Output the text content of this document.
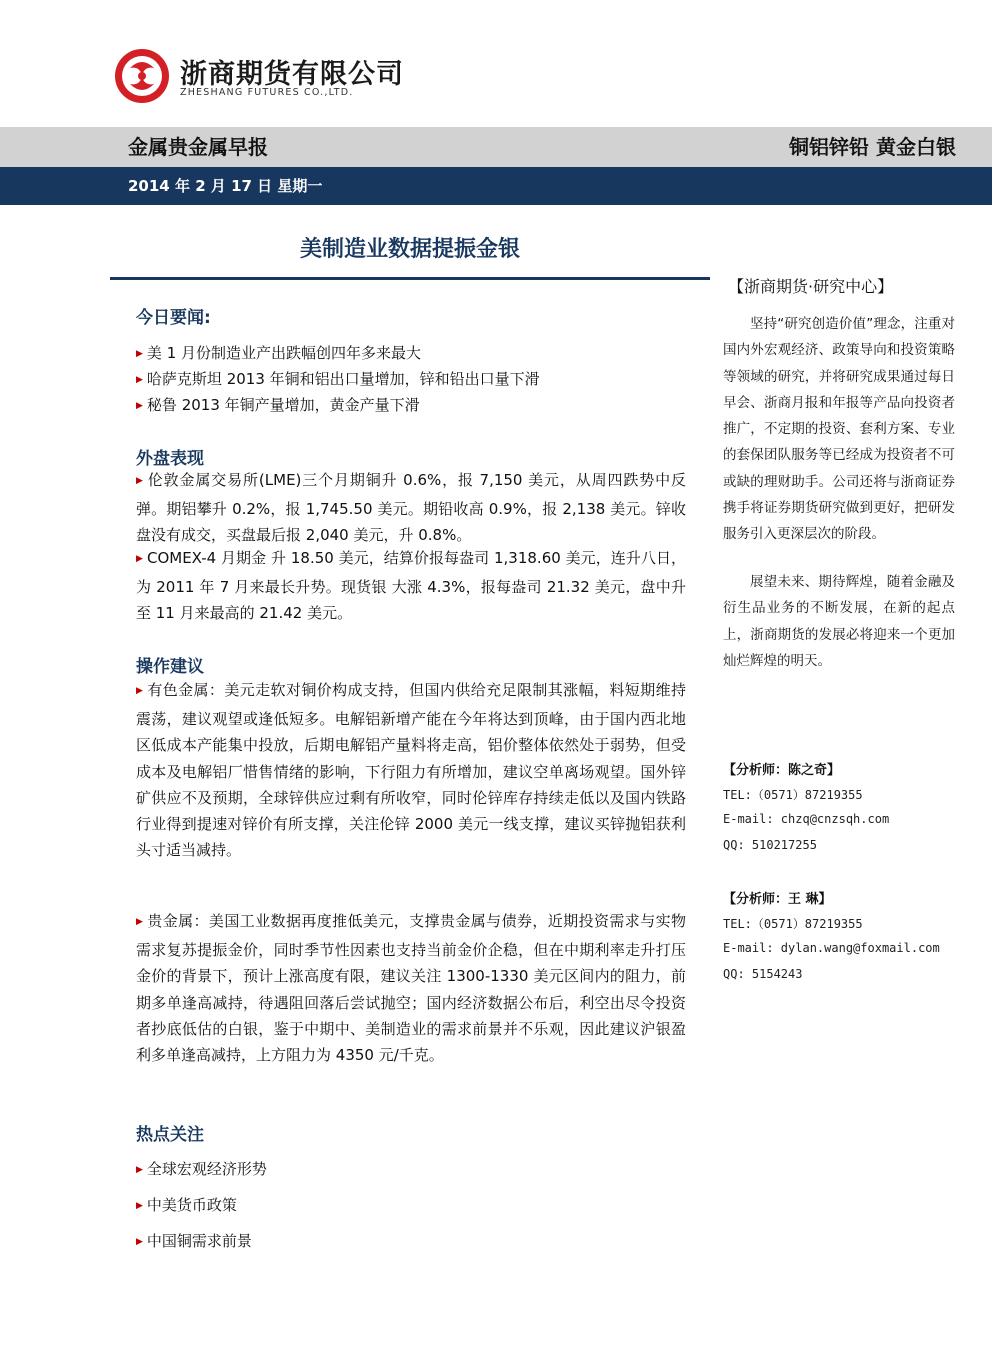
浙商期货有限公司
ZHESHANG FUTURES CO.,LTD.
金属贵金属早报	铜铝锌铅 黄金白银
2014 年 2 月 17 日 星期一
美制造业数据提振金银
今日要闻:
▶ 美 1 月份制造业产出跌幅创四年多来最大
▶ 哈萨克斯坦 2013 年铜和铝出口量增加，锌和铅出口量下滑
▶ 秘鲁 2013 年铜产量增加，黄金产量下滑
外盘表现
▶ 伦敦金属交易所(LME)三个月期铜升 0.6%，报 7,150 美元，从周四跌势中反弹。期铝攀升 0.2%，报 1,745.50 美元。期铅收高 0.9%，报 2,138 美元。锌收盘没有成交，买盘最后报 2,040 美元，升 0.8%。
▶ COMEX-4 月期金 升 18.50 美元，结算价报每盎司 1,318.60 美元，连升八日，为 2011 年 7 月来最长升势。现货银 大涨 4.3%，报每盎司 21.32 美元，盘中升至 11 月来最高的 21.42 美元。
操作建议
▶ 有色金属：美元走软对铜价构成支持，但国内供给充足限制其涨幅，料短期维持震荡，建议观望或逢低短多。电解铝新增产能在今年将达到顶峰，由于国内西北地区低成本产能集中投放，后期电解铝产量料将走高，铝价整体依然处于弱势，但受成本及电解铝厂惜售情绪的影响，下行阻力有所增加，建议空单离场观望。国外锌矿供应不及预期，全球锌供应过剩有所收窄，同时伦锌库存持续走低以及国内铁路行业得到提速对锌价有所支撑，关注伦锌 2000 美元一线支撑，建议买锌抛铝获利头寸适当减持。
▶ 贵金属：美国工业数据再度推低美元，支撑贵金属与债券，近期投资需求与实物需求复苏提振金价，同时季节性因素也支持当前金价企稳，但在中期利率走升打压金价的背景下，预计上涨高度有限，建议关注 1300-1330 美元区间内的阻力，前期多单逢高减持，待遇阻回落后尝试抛空；国内经济数据公布后，利空出尽令投资者抄底低估的白银，鉴于中期中、美制造业的需求前景并不乐观，因此建议沪银盈利多单逢高减持，上方阻力为 4350 元/千克。
热点关注
▶ 全球宏观经济形势
▶ 中美货币政策
▶ 中国铜需求前景
【浙商期货·研究中心】
坚持“研究创造价值”理念，注重对国内外宏观经济、政策导向和投资策略等领域的研究，并将研究成果通过每日早会、浙商月报和年报等产品向投资者推广，不定期的投资、套利方案、专业的套保团队服务等已经成为投资者不可或缺的理财助手。公司还将与浙商证券携手将证券期货研究做到更好，把研发服务引入更深层次的阶段。
展望未来、期待辉煌，随着金融及衍生品业务的不断发展，在新的起点上，浙商期货的发展必将迎来一个更加灿烂辉煌的明天。
【分析师：陈之奇】
TEL:（0571）87219355
E-mail: chzq@cnzsqh.com
QQ: 510217255
【分析师：王 琳】
TEL:（0571）87219355
E-mail: dylan.wang@foxmail.com
QQ: 5154243
